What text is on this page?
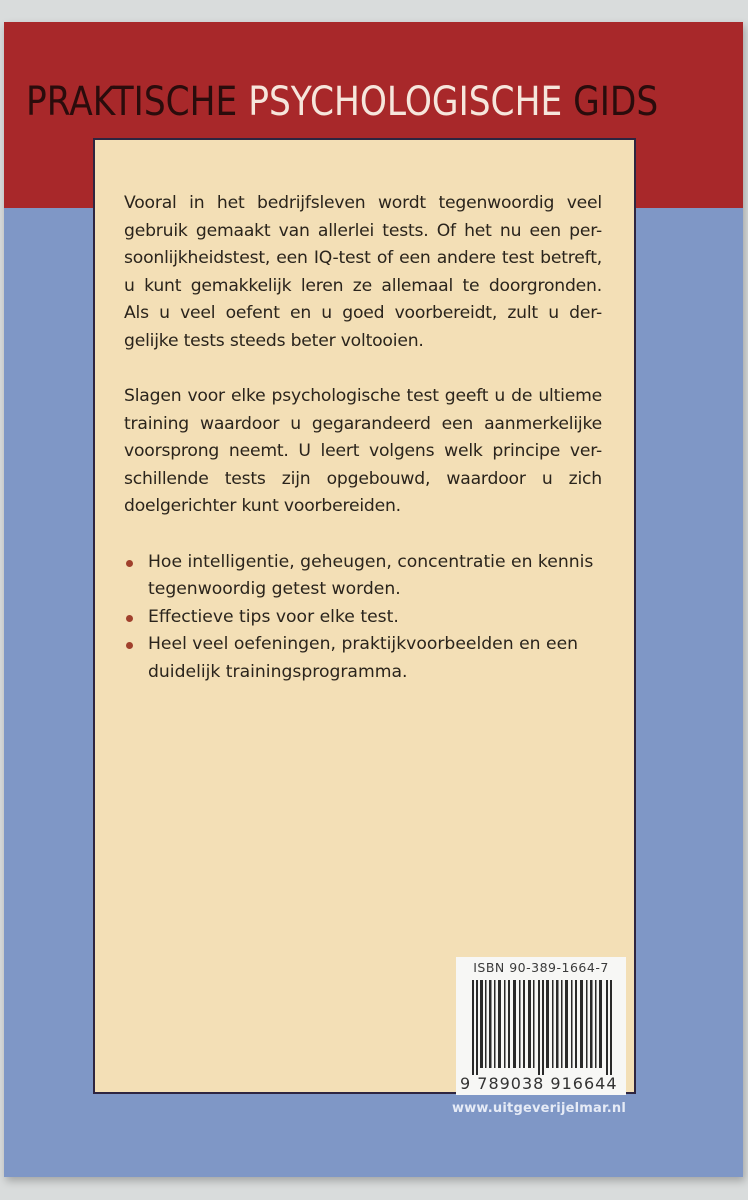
PRAKTISCHE PSYCHOLOGISCHE GIDS

Vooral in het bedrijfsleven wordt tegenwoordig veel gebruik gemaakt van allerlei tests. Of het nu een per-soonlijkheidstest, een IQ-test of een andere test betreft, u kunt gemakkelijk leren ze allemaal te doorgronden. Als u veel oefent en u goed voorbereidt, zult u der-gelijke tests steeds beter voltooien.

Slagen voor elke psychologische test geeft u de ultieme training waardoor u gegarandeerd een aanmerkelijke voorsprong neemt. U leert volgens welk principe ver-schillende tests zijn opgebouwd, waardoor u zich doelgerichter kunt voorbereiden.

Hoe intelligentie, geheugen, concentratie en kennis tegenwoordig getest worden.
Effectieve tips voor elke test.
Heel veel oefeningen, praktijkvoorbeelden en een duidelijk trainingsprogramma.
ISBN 90-389-1664-7
9 789038 916644
www.uitgeverijelmar.nl
